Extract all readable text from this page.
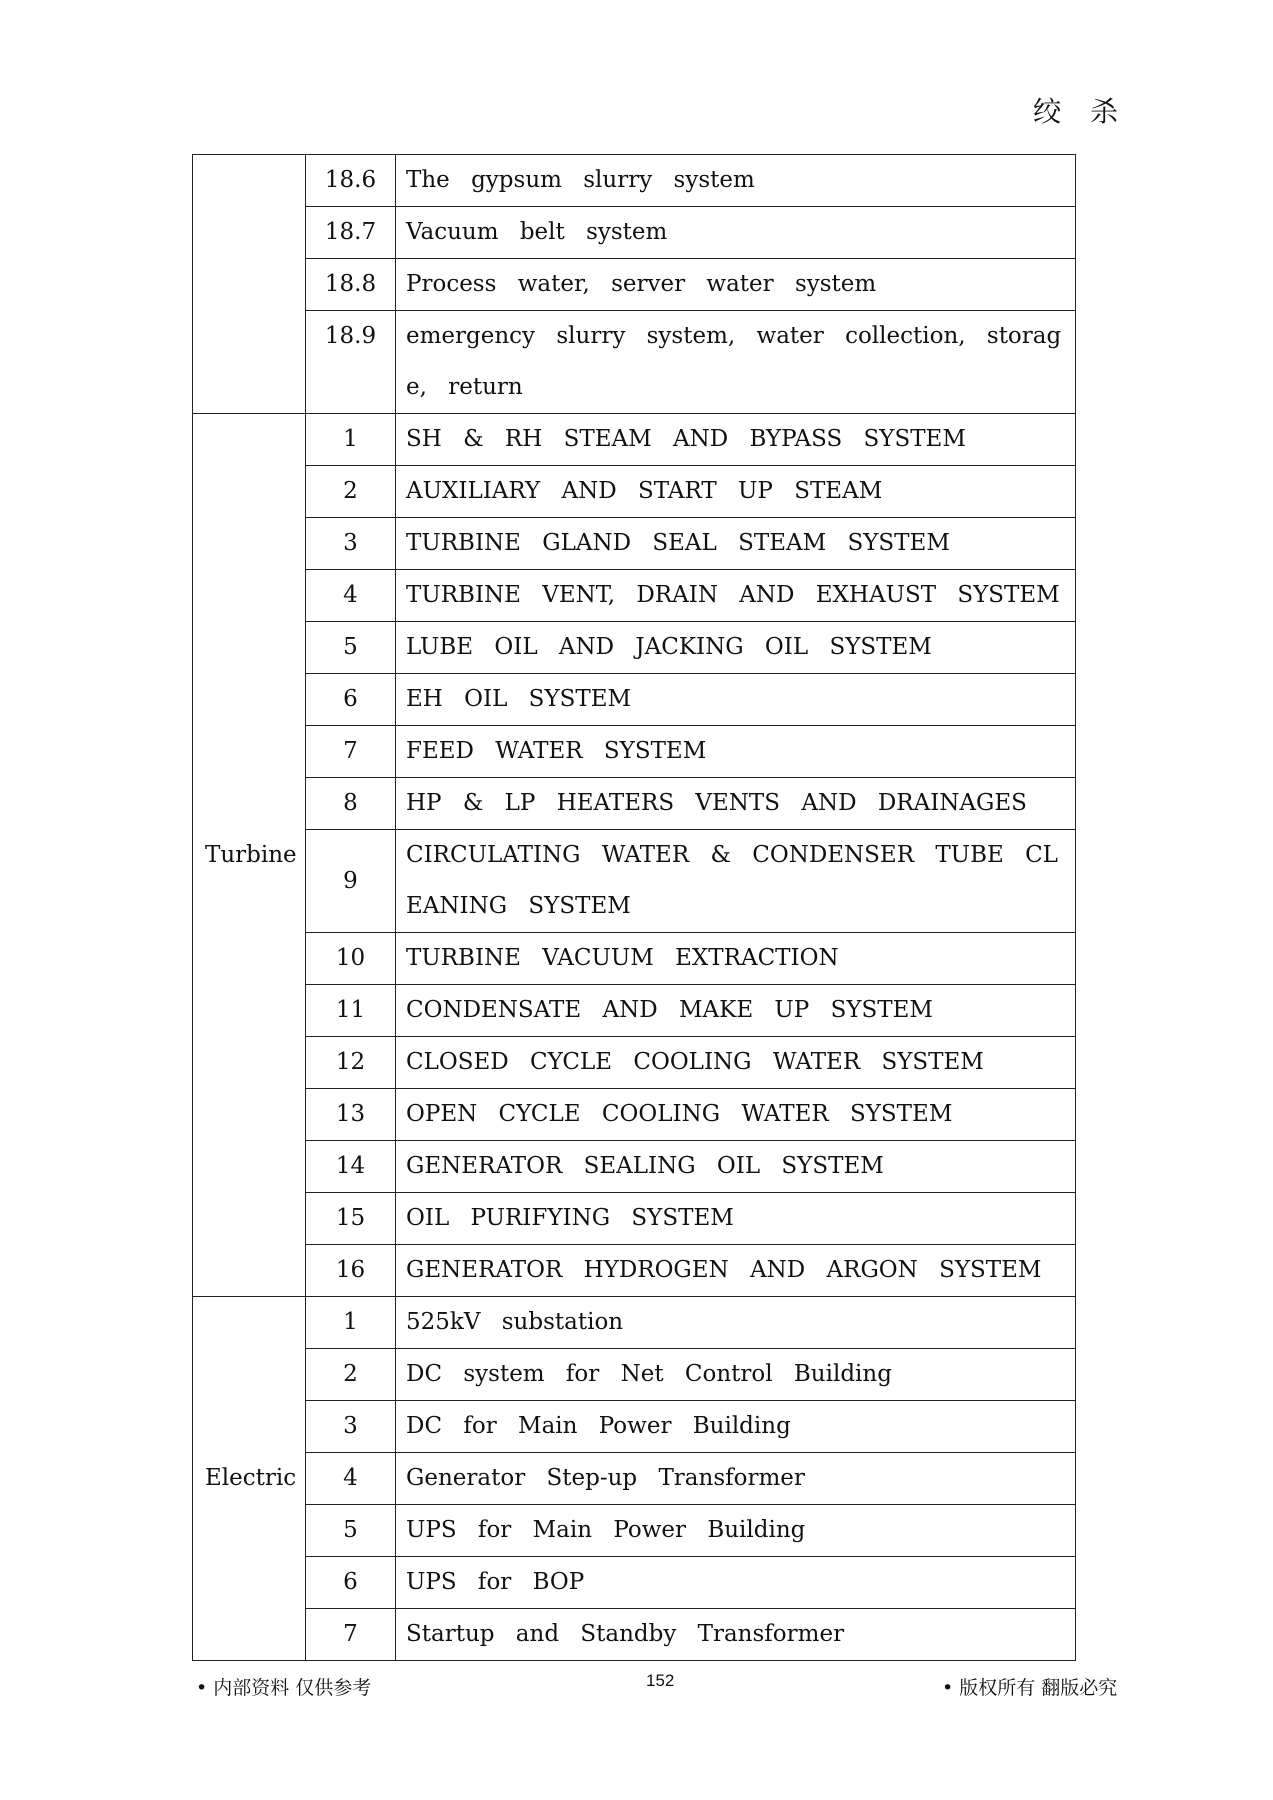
绞 杀
	18.6	The gypsum slurry system
	18.7	Vacuum belt system
	18.8	Process water, server water system
	18.9	emergency slurry system, water collection, storage, return
Turbine	1	SH & RH STEAM AND BYPASS SYSTEM
	2	AUXILIARY AND START UP STEAM
	3	TURBINE GLAND SEAL STEAM SYSTEM
	4	TURBINE VENT, DRAIN AND EXHAUST SYSTEM
	5	LUBE OIL AND JACKING OIL SYSTEM
	6	EH OIL SYSTEM
	7	FEED WATER SYSTEM
	8	HP & LP HEATERS VENTS AND DRAINAGES
	9	CIRCULATING WATER & CONDENSER TUBE CLEANING SYSTEM
	10	TURBINE VACUUM EXTRACTION
	11	CONDENSATE AND MAKE UP SYSTEM
	12	CLOSED CYCLE COOLING WATER SYSTEM
	13	OPEN CYCLE COOLING WATER SYSTEM
	14	GENERATOR SEALING OIL SYSTEM
	15	OIL PURIFYING SYSTEM
	16	GENERATOR HYDROGEN AND ARGON SYSTEM
Electric	1	525kV substation
	2	DC system for Net Control Building
	3	DC for Main Power Building
	4	Generator Step-up Transformer
	5	UPS for Main Power Building
	6	UPS for BOP
	7	Startup and Standby Transformer
• 内部资料 仅供参考	152	• 版权所有 翻版必究
